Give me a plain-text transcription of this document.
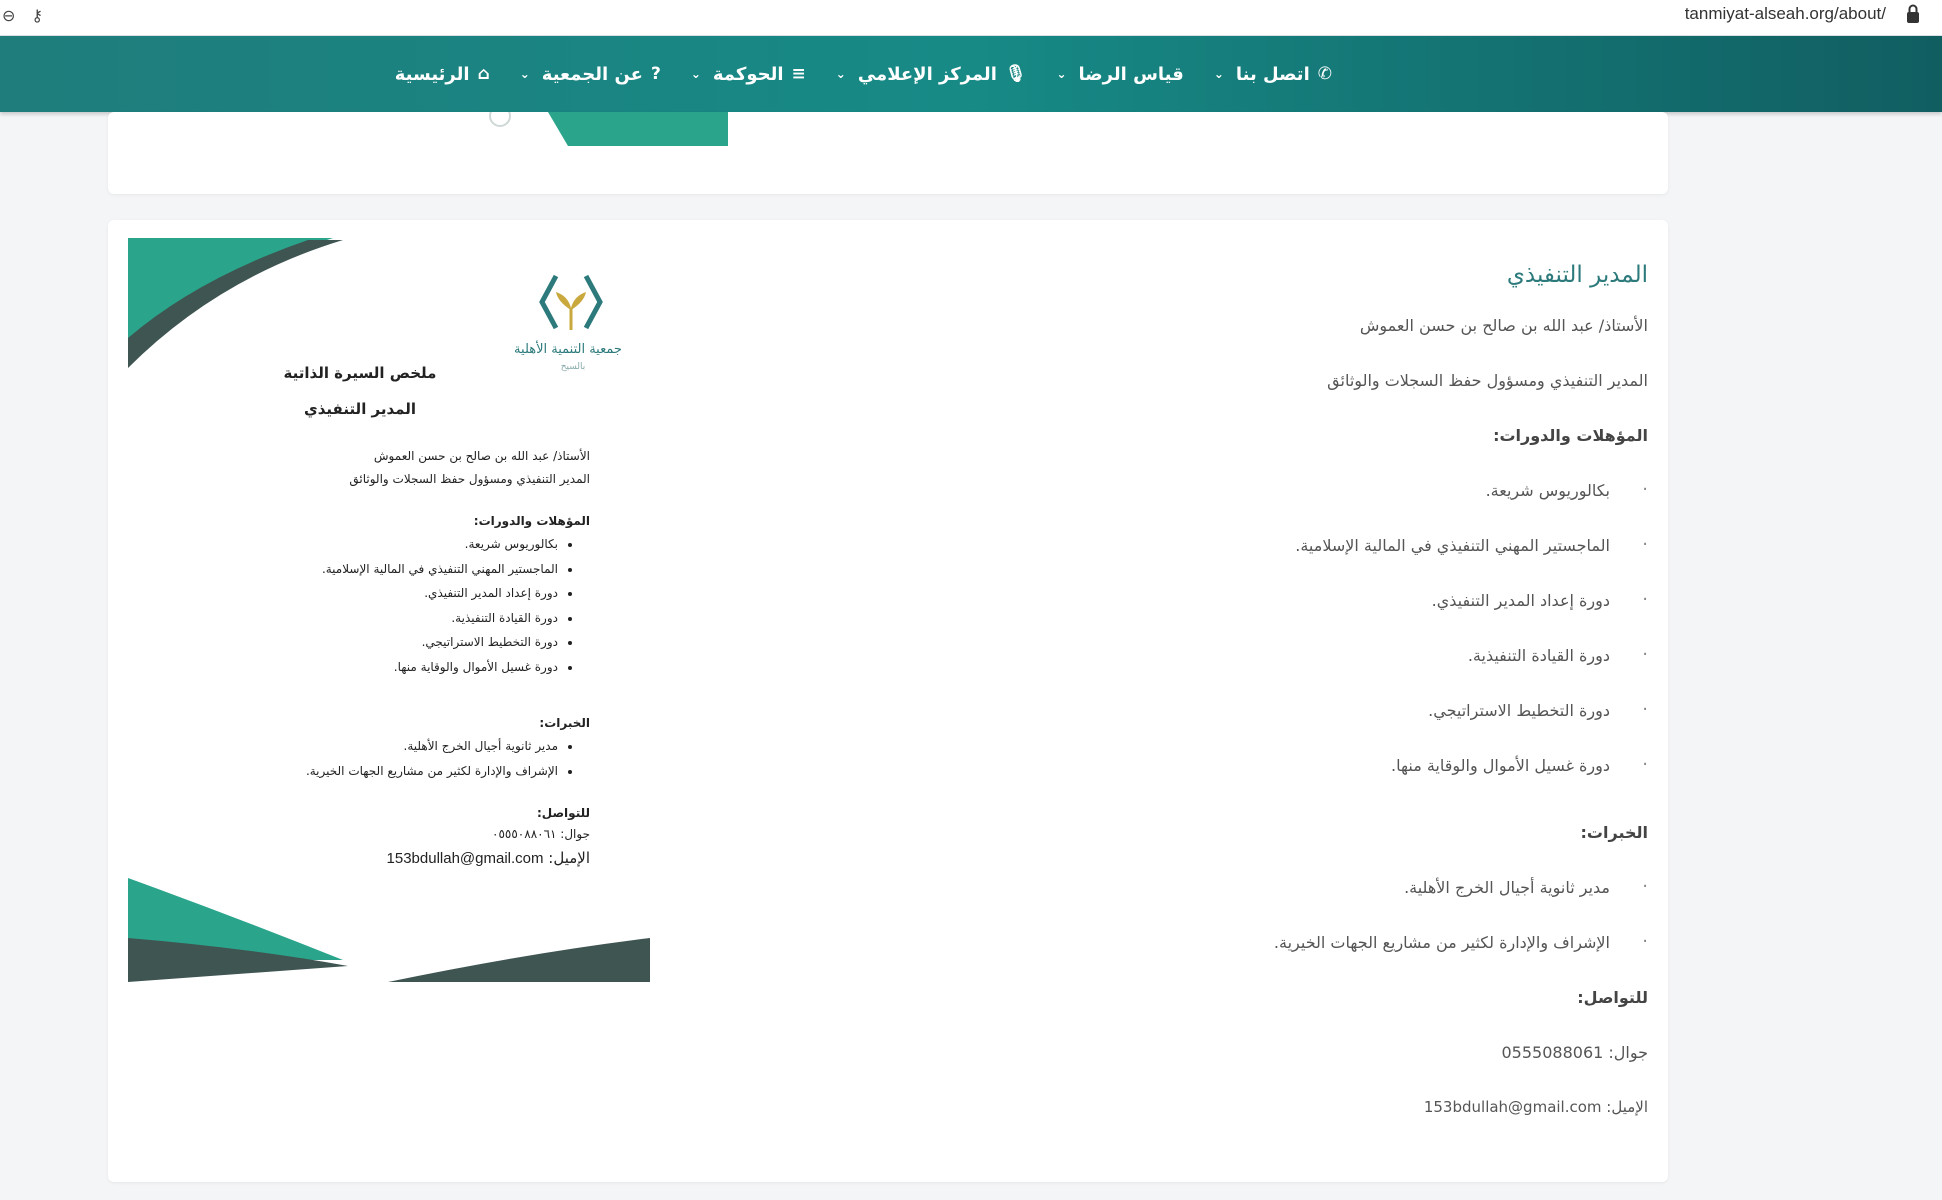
⊖ ⚷	tanmiyat-alseah.org/about/
⌂
الرئيسية	?
عن الجمعية
⌄	≡
الحوكمة
⌄	🎙
المركز الإعلامي
⌄	قياس الرضا
⌄	✆
اتصل بنا
⌄
المدير التنفيذي

الأستاذ/ عبد الله بن صالح بن حسن العموش

المدير التنفيذي ومسؤول حفظ السجلات والوثائق

المؤهلات والدورات:

· بكالوريوس شريعة.
· الماجستير المهني التنفيذي في المالية الإسلامية.
· دورة إعداد المدير التنفيذي.
· دورة القيادة التنفيذية.
· دورة التخطيط الاستراتيجي.
· دورة غسيل الأموال والوقاية منها.

الخبرات:

· مدير ثانوية أجيال الخرج الأهلية.
· الإشراف والإدارة لكثير من مشاريع الجهات الخيرية.

للتواصل:

جوال: 0555088061

الإميل: 153bdullah@gmail.com

جمعية التنمية الأهلية
بالسيح
ملخص السيرة الذاتية
المدير التنفيذي
الأستاذ/ عبد الله بن صالح بن حسن العموش
المدير التنفيذي ومسؤول حفظ السجلات والوثائق
المؤهلات والدورات:
• بكالوريوس شريعة.
• الماجستير المهني التنفيذي في المالية الإسلامية.
• دورة إعداد المدير التنفيذي.
• دورة القيادة التنفيذية.
• دورة التخطيط الاستراتيجي.
• دورة غسيل الأموال والوقاية منها.
الخبرات:
• مدير ثانوية أجيال الخرج الأهلية.
• الإشراف والإدارة لكثير من مشاريع الجهات الخيرية.
للتواصل:
جوال: ٠٥٥٥٠٨٨٠٦١
الإميل: 153bdullah@gmail.com
